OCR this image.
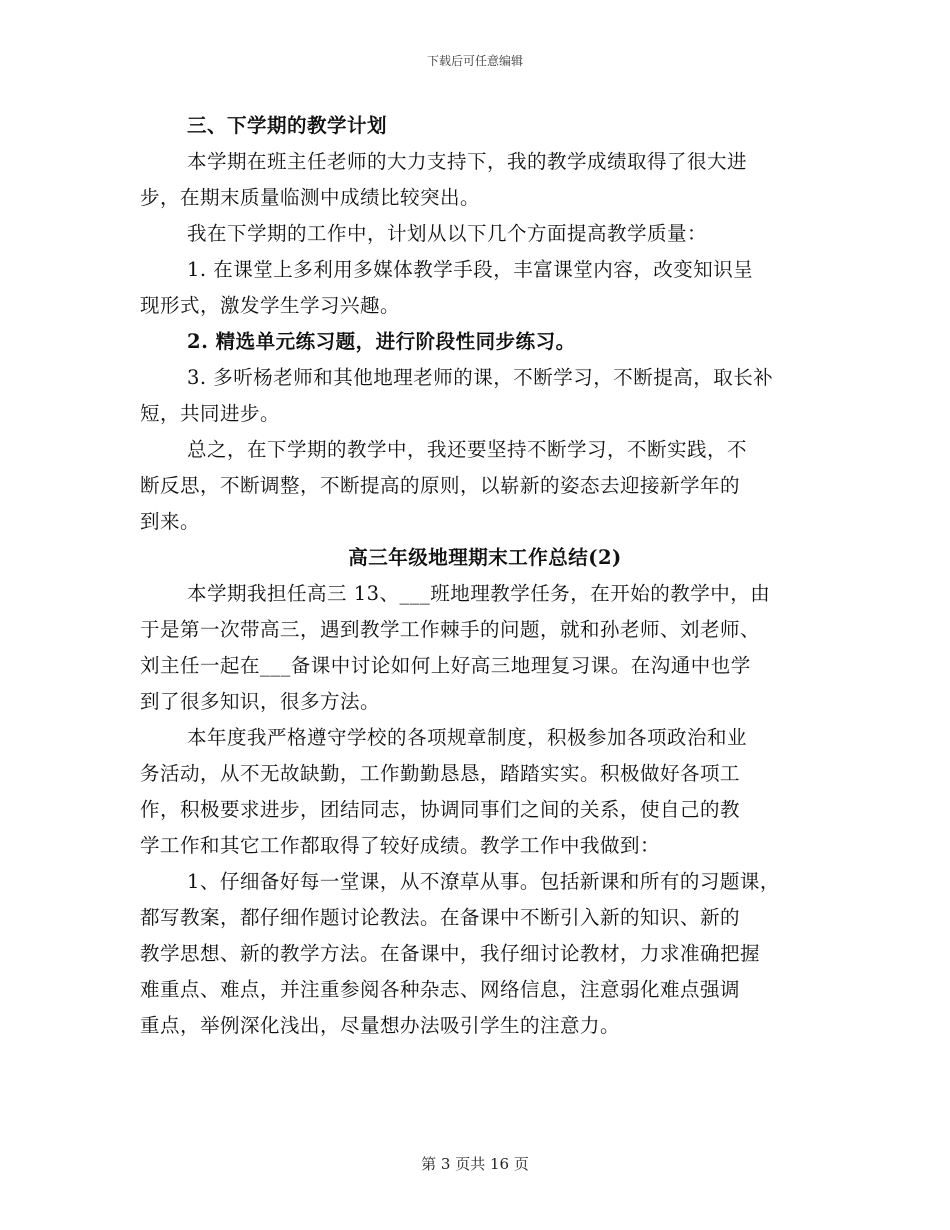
下载后可任意编辑
三、下学期的教学计划
本学期在班主任老师的大力支持下，我的教学成绩取得了很大进
步，在期末质量临测中成绩比较突出。
我在下学期的工作中，计划从以下几个方面提高教学质量：
1. 在课堂上多利用多媒体教学手段，丰富课堂内容，改变知识呈
现形式，激发学生学习兴趣。
2. 精选单元练习题，进行阶段性同步练习。
3. 多听杨老师和其他地理老师的课，不断学习，不断提高，取长补
短，共同进步。
总之，在下学期的教学中，我还要坚持不断学习，不断实践，不
断反思，不断调整，不断提高的原则，以崭新的姿态去迎接新学年的
到来。
高三年级地理期末工作总结(2)
本学期我担任高三 13、___班地理教学任务，在开始的教学中，由
于是第一次带高三，遇到教学工作棘手的问题，就和孙老师、刘老师、
刘主任一起在___备课中讨论如何上好高三地理复习课。在沟通中也学
到了很多知识，很多方法。
本年度我严格遵守学校的各项规章制度，积极参加各项政治和业
务活动，从不无故缺勤，工作勤勤恳恳，踏踏实实。积极做好各项工
作，积极要求进步，团结同志，协调同事们之间的关系，使自己的教
学工作和其它工作都取得了较好成绩。教学工作中我做到：
1、仔细备好每一堂课，从不潦草从事。包括新课和所有的习题课，
都写教案，都仔细作题讨论教法。在备课中不断引入新的知识、新的
教学思想、新的教学方法。在备课中，我仔细讨论教材，力求准确把握
难重点、难点，并注重参阅各种杂志、网络信息，注意弱化难点强调
重点，举例深化浅出，尽量想办法吸引学生的注意力。
第 3 页共 16 页
